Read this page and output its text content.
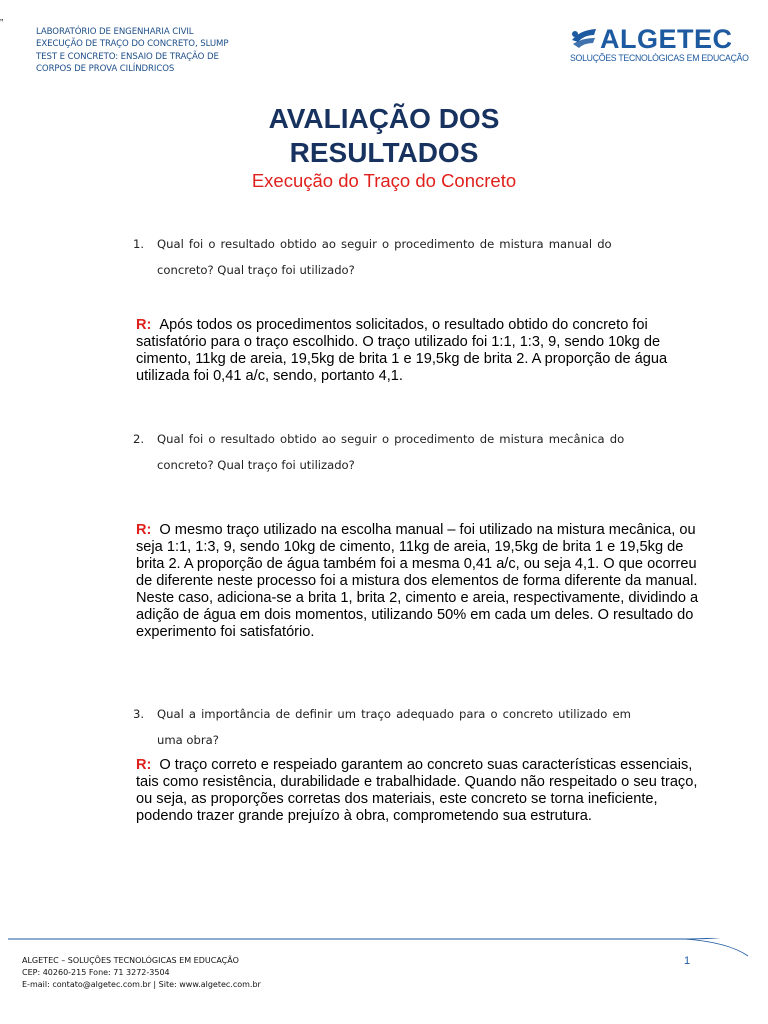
”
LABORATÓRIO DE ENGENHARIA CIVIL
EXECUÇÃO DE TRAÇO DO CONCRETO, SLUMP
TEST E CONCRETO: ENSAIO DE TRAÇÃO DE
CORPOS DE PROVA CILÍNDRICOS
ALGETEC
SOLUÇÕES TECNOLÓGICAS EM EDUCAÇÃO
AVALIAÇÃO DOS
RESULTADOS
Execução do Traço do Concreto
1. Qual foi o resultado obtido ao seguir o procedimento de mistura manual do
concreto? Qual traço foi utilizado?
R: Após todos os procedimentos solicitados, o resultado obtido do concreto foi satisfatório para o traço escolhido. O traço utilizado foi 1:1, 1:3, 9, sendo 10kg de cimento, 11kg de areia, 19,5kg de brita 1 e 19,5kg de brita 2. A proporção de água utilizada foi 0,41 a/c, sendo, portanto 4,1.
2. Qual foi o resultado obtido ao seguir o procedimento de mistura mecânica do
concreto? Qual traço foi utilizado?
R: O mesmo traço utilizado na escolha manual – foi utilizado na mistura mecânica, ou seja 1:1, 1:3, 9, sendo 10kg de cimento, 11kg de areia, 19,5kg de brita 1 e 19,5kg de brita 2. A proporção de água também foi a mesma 0,41 a/c, ou seja 4,1. O que ocorreu de diferente neste processo foi a mistura dos elementos de forma diferente da manual. Neste caso, adiciona-se a brita 1, brita 2, cimento e areia, respectivamente, dividindo a adição de água em dois momentos, utilizando 50% em cada um deles. O resultado do experimento foi satisfatório.
3. Qual a importância de definir um traço adequado para o concreto utilizado em
uma obra?
R: O traço correto e respeiado garantem ao concreto suas características essenciais, tais como resistência, durabilidade e trabalhidade. Quando não respeitado o seu traço, ou seja, as proporções corretas dos materiais, este concreto se torna ineficiente, podendo trazer grande prejuízo à obra, comprometendo sua estrutura.
ALGETEC – SOLUÇÕES TECNOLÓGICAS EM EDUCAÇÃO
CEP: 40260-215 Fone: 71 3272-3504
E-mail: contato@algetec.com.br | Site: www.algetec.com.br
1
